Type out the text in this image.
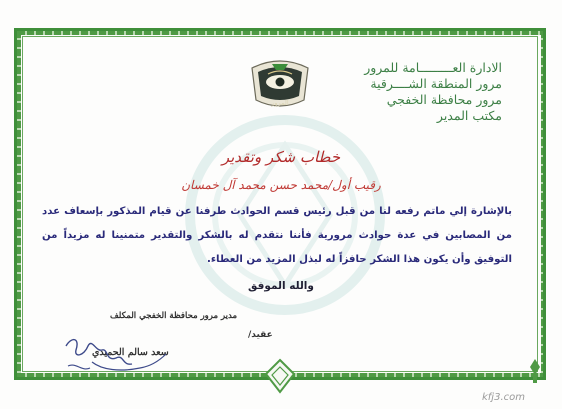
المرور
الادارة العـــــــــامة للمرور
مرور المنطقة الشــــرقية
مرور محافظة الخفجي
مكتب المدير
خطاب شكر وتقدير
رقيب أول/محمد حسن محمد آل خمسان
بالإشارة إلي ماتم رفعه لنا من قبل رئيس قسم الحوادث طرفنا عن قيام المذكور بإسعاف عدد من المصابين في عدة حوادث مرورية فأننا نتقدم له بالشكر والتقدير متمنينا له مزيداً من التوفيق وأن يكون هذا الشكر حافزاً له لبذل المزيد من العطاء.
والله الموفق
مدير مرور محافظة الخفجي المكلف
عقيد/
سعد سالم الحميدي
kfj3.com
